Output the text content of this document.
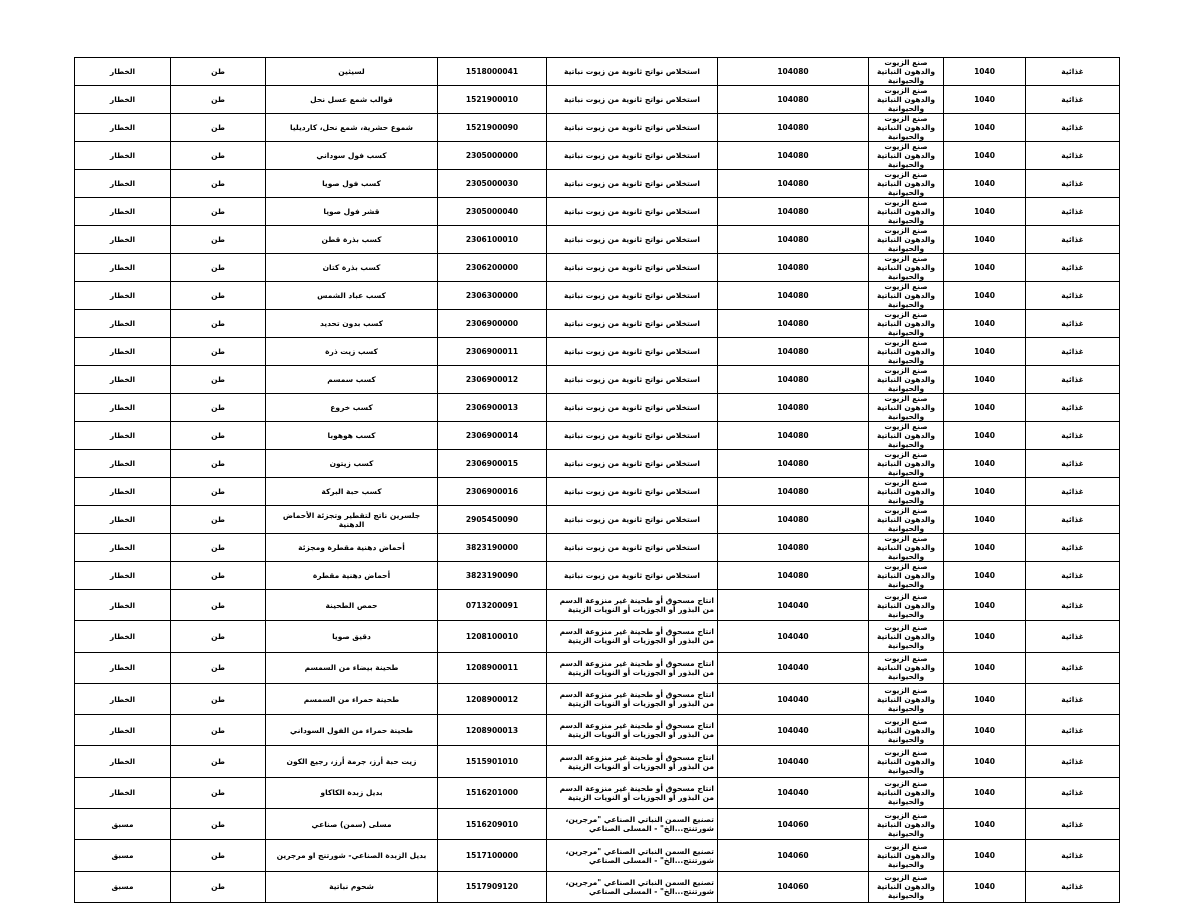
غذائية	1040	صنع الزيوت والدهون النباتية والحيوانية	104080	استخلاص نواتج ثانوية من زيوت نباتية	1518000041	لسيثين	طن	الخطار
غذائية	1040	صنع الزيوت والدهون النباتية والحيوانية	104080	استخلاص نواتج ثانوية من زيوت نباتية	1521900010	قوالب شمع عسل نحل	طن	الخطار
غذائية	1040	صنع الزيوت والدهون النباتية والحيوانية	104080	استخلاص نواتج ثانوية من زيوت نباتية	1521900090	شموع حشرية، شمع نحل، كارديليا	طن	الخطار
غذائية	1040	صنع الزيوت والدهون النباتية والحيوانية	104080	استخلاص نواتج ثانوية من زيوت نباتية	2305000000	كسب فول سوداني	طن	الخطار
غذائية	1040	صنع الزيوت والدهون النباتية والحيوانية	104080	استخلاص نواتج ثانوية من زيوت نباتية	2305000030	كسب فول صويا	طن	الخطار
غذائية	1040	صنع الزيوت والدهون النباتية والحيوانية	104080	استخلاص نواتج ثانوية من زيوت نباتية	2305000040	قشر فول صويا	طن	الخطار
غذائية	1040	صنع الزيوت والدهون النباتية والحيوانية	104080	استخلاص نواتج ثانوية من زيوت نباتية	2306100010	كسب بذرة قطن	طن	الخطار
غذائية	1040	صنع الزيوت والدهون النباتية والحيوانية	104080	استخلاص نواتج ثانوية من زيوت نباتية	2306200000	كسب بذرة كتان	طن	الخطار
غذائية	1040	صنع الزيوت والدهون النباتية والحيوانية	104080	استخلاص نواتج ثانوية من زيوت نباتية	2306300000	كسب عباد الشمس	طن	الخطار
غذائية	1040	صنع الزيوت والدهون النباتية والحيوانية	104080	استخلاص نواتج ثانوية من زيوت نباتية	2306900000	كسب بدون تحديد	طن	الخطار
غذائية	1040	صنع الزيوت والدهون النباتية والحيوانية	104080	استخلاص نواتج ثانوية من زيوت نباتية	2306900011	كسب زيت ذرة	طن	الخطار
غذائية	1040	صنع الزيوت والدهون النباتية والحيوانية	104080	استخلاص نواتج ثانوية من زيوت نباتية	2306900012	كسب سمسم	طن	الخطار
غذائية	1040	صنع الزيوت والدهون النباتية والحيوانية	104080	استخلاص نواتج ثانوية من زيوت نباتية	2306900013	كسب خروع	طن	الخطار
غذائية	1040	صنع الزيوت والدهون النباتية والحيوانية	104080	استخلاص نواتج ثانوية من زيوت نباتية	2306900014	كسب هوهوبا	طن	الخطار
غذائية	1040	صنع الزيوت والدهون النباتية والحيوانية	104080	استخلاص نواتج ثانوية من زيوت نباتية	2306900015	كسب زيتون	طن	الخطار
غذائية	1040	صنع الزيوت والدهون النباتية والحيوانية	104080	استخلاص نواتج ثانوية من زيوت نباتية	2306900016	كسب حبة البركة	طن	الخطار
غذائية	1040	صنع الزيوت والدهون النباتية والحيوانية	104080	استخلاص نواتج ثانوية من زيوت نباتية	2905450090	جلسرين ناتج لتقطير وتجزئة الأحماض الدهنية	طن	الخطار
غذائية	1040	صنع الزيوت والدهون النباتية والحيوانية	104080	استخلاص نواتج ثانوية من زيوت نباتية	3823190000	أحماض دهنية مقطرة ومجزئة	طن	الخطار
غذائية	1040	صنع الزيوت والدهون النباتية والحيوانية	104080	استخلاص نواتج ثانوية من زيوت نباتية	3823190090	أحماض دهنية مقطرة	طن	الخطار
غذائية	1040	صنع الزيوت والدهون النباتية والحيوانية	104040	انتاج مسحوق أو طحينة غير منزوعة الدسم من البذور أو الجوزيات أو النويات الزيتية	0713200091	حمص الطحينة	طن	الخطار
غذائية	1040	صنع الزيوت والدهون النباتية والحيوانية	104040	انتاج مسحوق أو طحينة غير منزوعة الدسم من البذور أو الجوزيات أو النويات الزيتية	1208100010	دقيق صويا	طن	الخطار
غذائية	1040	صنع الزيوت والدهون النباتية والحيوانية	104040	انتاج مسحوق أو طحينة غير منزوعة الدسم من البذور أو الجوزيات أو النويات الزيتية	1208900011	طحينة بيضاء من السمسم	طن	الخطار
غذائية	1040	صنع الزيوت والدهون النباتية والحيوانية	104040	انتاج مسحوق أو طحينة غير منزوعة الدسم من البذور أو الجوزيات أو النويات الزيتية	1208900012	طحينة حمراء من السمسم	طن	الخطار
غذائية	1040	صنع الزيوت والدهون النباتية والحيوانية	104040	انتاج مسحوق أو طحينة غير منزوعة الدسم من البذور أو الجوزيات أو النويات الزيتية	1208900013	طحينة حمراء من الفول السوداني	طن	الخطار
غذائية	1040	صنع الزيوت والدهون النباتية والحيوانية	104040	انتاج مسحوق أو طحينة غير منزوعة الدسم من البذور أو الجوزيات أو النويات الزيتية	1515901010	زيت حبة أرز، جرمة أرز، رجيع الكون	طن	الخطار
غذائية	1040	صنع الزيوت والدهون النباتية والحيوانية	104040	انتاج مسحوق أو طحينة غير منزوعة الدسم من البذور أو الجوزيات أو النويات الزيتية	1516201000	بديل زبدة الكاكاو	طن	الخطار
غذائية	1040	صنع الزيوت والدهون النباتية والحيوانية	104060	تصنيع السمن النباتي الصناعي "مرجرين، شورتنتج...الخ" - المسلى الصناعي	1516209010	مسلى (سمن) صناعي	طن	مسبق
غذائية	1040	صنع الزيوت والدهون النباتية والحيوانية	104060	تصنيع السمن النباتي الصناعي "مرجرين، شورتنتج...الخ" - المسلى الصناعي	1517100000	بديل الزبدة الصناعي- شورتنج او مرجرين	طن	مسبق
غذائية	1040	صنع الزيوت والدهون النباتية والحيوانية	104060	تصنيع السمن النباتي الصناعي "مرجرين، شورتنتج...الخ" - المسلى الصناعي	1517909120	شحوم نباتية	طن	مسبق
